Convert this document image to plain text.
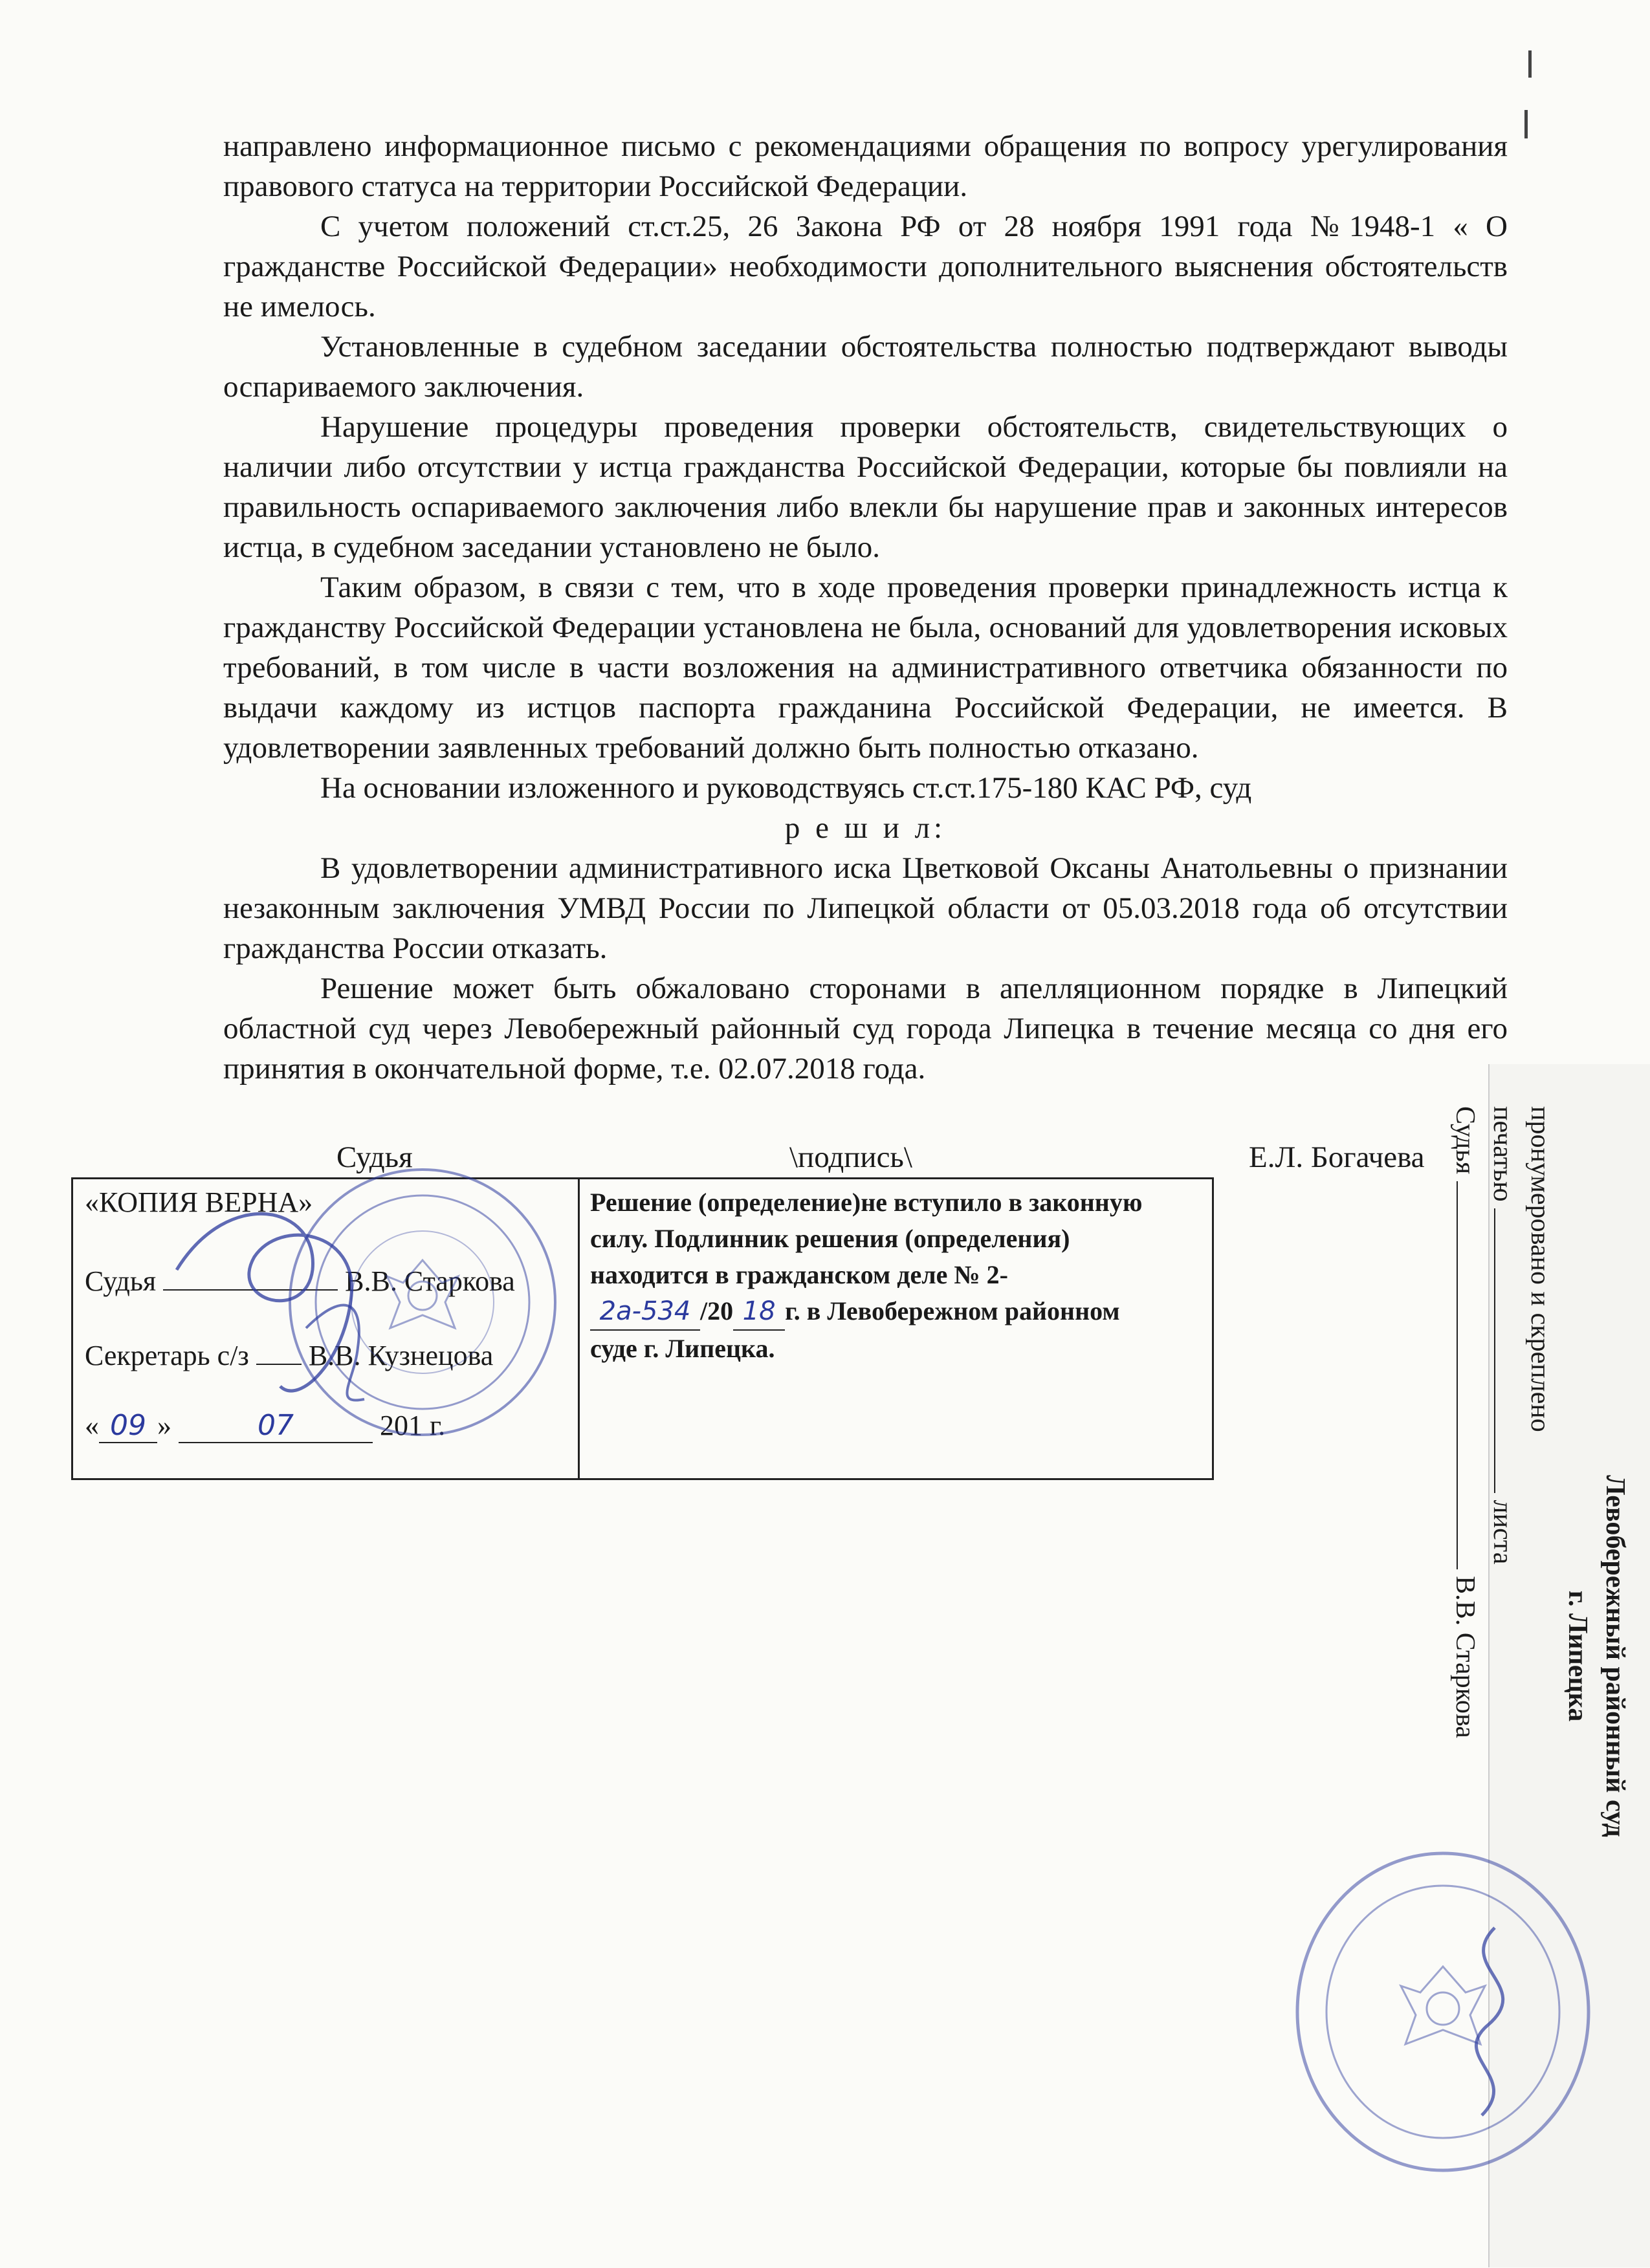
направлено информационное письмо с рекомендациями обращения по вопросу урегулирования правового статуса на территории Российской Федерации.

С учетом положений ст.ст.25, 26 Закона РФ от 28 ноября 1991 года №1948-1 « О гражданстве Российской Федерации» необходимости дополнительного выяснения обстоятельств не имелось.

Установленные в судебном заседании обстоятельства полностью подтверждают выводы оспариваемого заключения.

Нарушение процедуры проведения проверки обстоятельств, свидетельствующих о наличии либо отсутствии у истца гражданства Российской Федерации, которые бы повлияли на правильность оспариваемого заключения либо влекли бы нарушение прав и законных интересов истца, в судебном заседании установлено не было.

Таким образом, в связи с тем, что в ходе проведения проверки принадлежность истца к гражданству Российской Федерации установлена не была, оснований для удовлетворения исковых требований, в том числе в части возложения на административного ответчика обязанности по выдачи каждому из истцов паспорта гражданина Российской Федерации, не имеется. В удовлетворении заявленных требований должно быть полностью отказано.

На основании изложенного и руководствуясь ст.ст.175-180 КАС РФ, суд

р е ш и л:

В удовлетворении административного иска Цветковой Оксаны Анатольевны о признании незаконным заключения УМВД России по Липецкой области от 05.03.2018 года об отсутствии гражданства России отказать.

Решение может быть обжаловано сторонами в апелляционном порядке в Липецкий областной суд через Левобережный районный суд города Липецка в течение месяца со дня его принятия в окончательной форме, т.е. 02.07.2018 года.

Судья	\подпись\	Е.Л. Богачева
«КОПИЯ ВЕРНА»
Судья	В.В. Старкова
Секретарь с/з В.В. Кузнецова
« 09 »	07	201 г.
Решение (определение)не вступило в законную
силу. Подлинник решения (определения)
находится в гражданском деле № 2-
2а-534 /20 18 г. в Левобережном районном
суде г. Липецка.
Левобережный районный суд
г. Липецка
пронумеровано и скреплено
печатью  листа
Судья  В.В. Старкова
